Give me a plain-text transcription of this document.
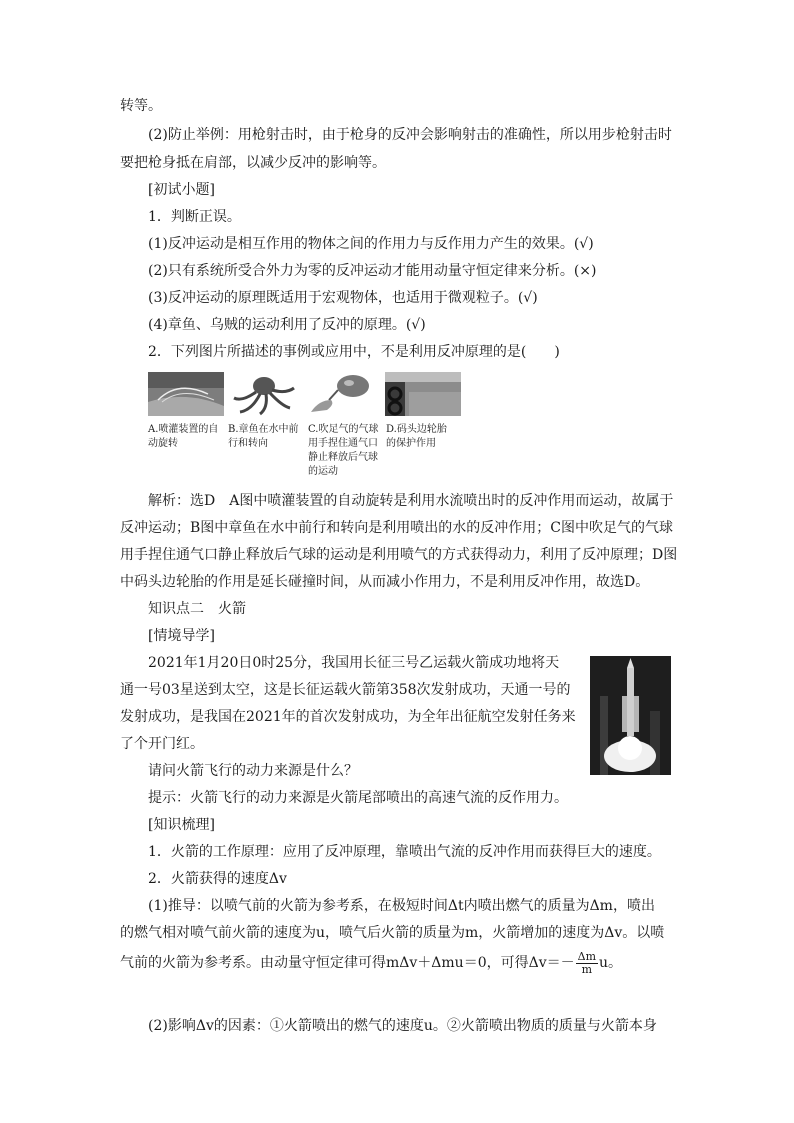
转等。
(2)防止举例：用枪射击时，由于枪身的反冲会影响射击的准确性，所以用步枪射击时
要把枪身抵在肩部，以减少反冲的影响等。
[初试小题]
1．判断正误。
(1)反冲运动是相互作用的物体之间的作用力与反作用力产生的效果。(√)
(2)只有系统所受合外力为零的反冲运动才能用动量守恒定律来分析。(×)
(3)反冲运动的原理既适用于宏观物体，也适用于微观粒子。(√)
(4)章鱼、乌贼的运动利用了反冲的原理。(√)
2．下列图片所描述的事例或应用中，不是利用反冲原理的是(　　)
A.喷灌装置的自动旋转
B.章鱼在水中前行和转向
C.吹足气的气球用手捏住通气口静止释放后气球的运动
D.码头边轮胎的保护作用
解析：选D　A图中喷灌装置的自动旋转是利用水流喷出时的反冲作用而运动，故属于
反冲运动；B图中章鱼在水中前行和转向是利用喷出的水的反冲作用；C图中吹足气的气球
用手捏住通气口静止释放后气球的运动是利用喷气的方式获得动力，利用了反冲原理；D图
中码头边轮胎的作用是延长碰撞时间，从而减小作用力，不是利用反冲作用，故选D。
知识点二　火箭
[情境导学]
2021年1月20日0时25分，我国用长征三号乙运载火箭成功地将天
通一号03星送到太空，这是长征运载火箭第358次发射成功，天通一号的
发射成功，是我国在2021年的首次发射成功，为全年出征航空发射任务来
了个开门红。
请问火箭飞行的动力来源是什么？
提示：火箭飞行的动力来源是火箭尾部喷出的高速气流的反作用力。
[知识梳理]
1．火箭的工作原理：应用了反冲原理，靠喷出气流的反冲作用而获得巨大的速度。
2．火箭获得的速度Δv
(1)推导：以喷气前的火箭为参考系，在极短时间Δt内喷出燃气的质量为Δm，喷出
的燃气相对喷气前火箭的速度为u，喷气后火箭的质量为m，火箭增加的速度为Δv。以喷
气前的火箭为参考系。由动量守恒定律可得mΔv＋Δmu＝0，可得$\Delta v=- \frac{\Delta m}{m}$ u。
(2)影响Δv的因素：①火箭喷出的燃气的速度u。②火箭喷出物质的质量与火箭本身
